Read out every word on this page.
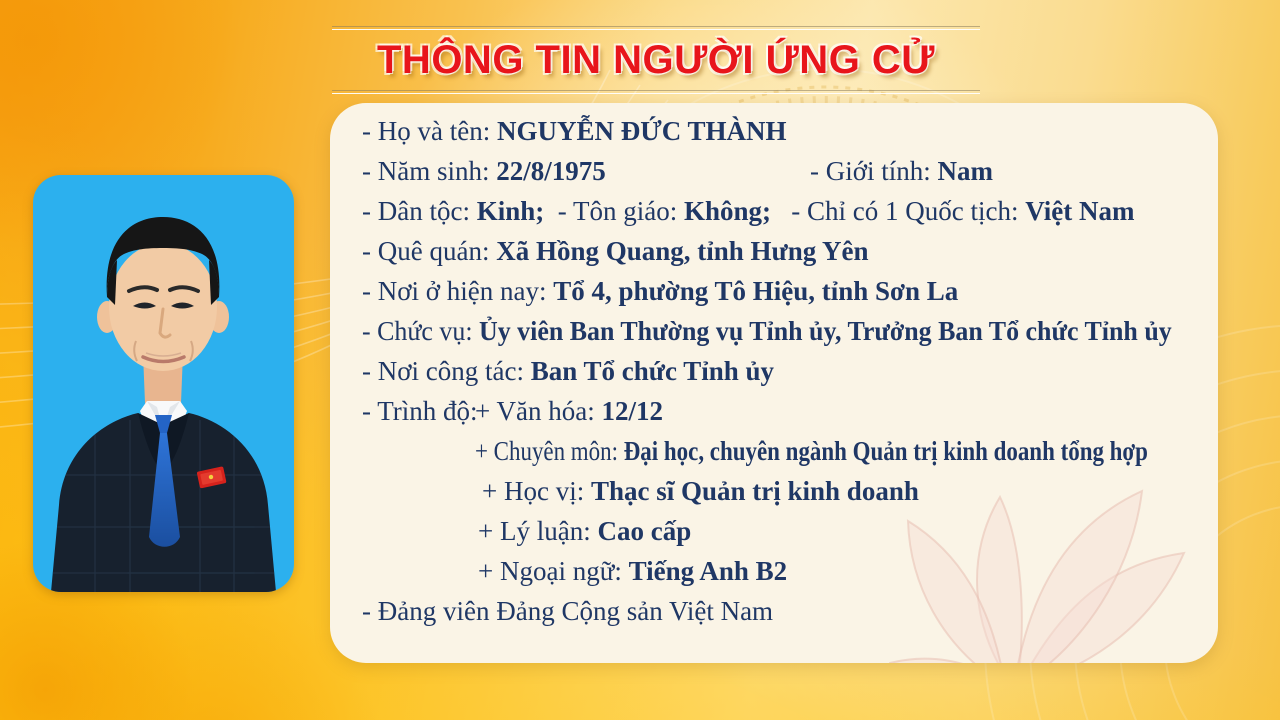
THÔNG TIN NGƯỜI ỨNG CỬ
- Họ và tên: NGUYỄN ĐỨC THÀNH
- Năm sinh: 22/8/1975	- Giới tính: Nam
- Dân tộc: Kinh;  - Tôn giáo: Không;   - Chỉ có 1 Quốc tịch: Việt Nam
- Quê quán: Xã Hồng Quang, tỉnh Hưng Yên
- Nơi ở hiện nay: Tổ 4, phường Tô Hiệu, tỉnh Sơn La
- Chức vụ: Ủy viên Ban Thường vụ Tỉnh ủy, Trưởng Ban Tổ chức Tỉnh ủy
- Nơi công tác: Ban Tổ chức Tỉnh ủy
- Trình độ:
+ Văn hóa: 12/12
+ Chuyên môn: Đại học, chuyên ngành Quản trị kinh doanh tổng hợp
+ Học vị: Thạc sĩ Quản trị kinh doanh
+ Lý luận: Cao cấp
+ Ngoại ngữ: Tiếng Anh B2
- Đảng viên Đảng Cộng sản Việt Nam
